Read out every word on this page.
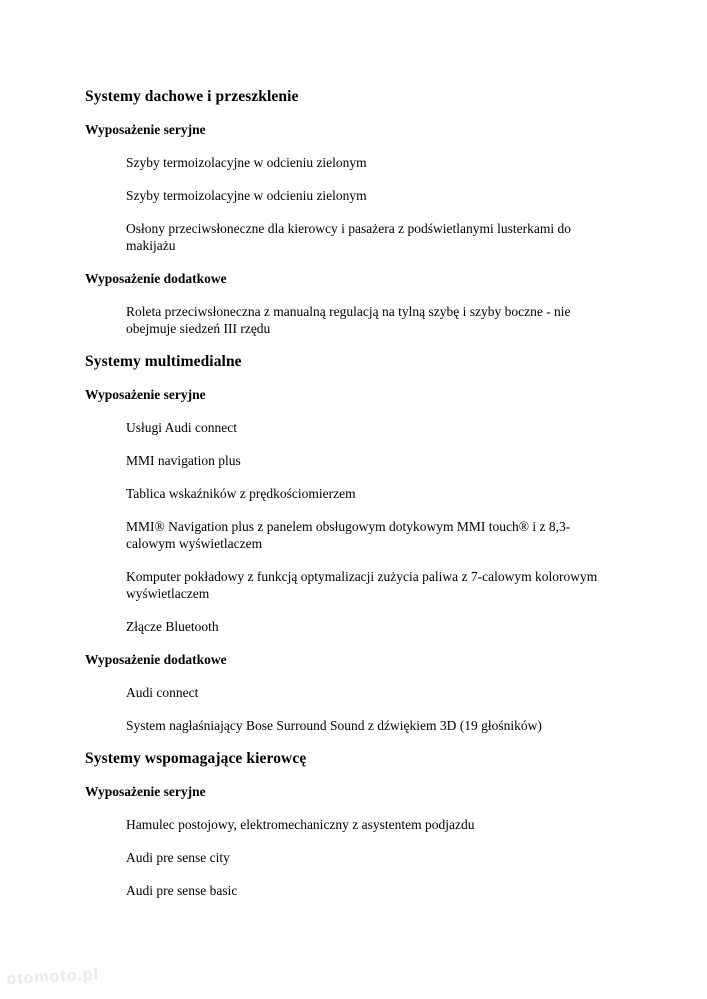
Systemy dachowe i przeszklenie
Wyposażenie seryjne

Szyby termoizolacyjne w odcieniu zielonym

Szyby termoizolacyjne w odcieniu zielonym

Osłony przeciwsłoneczne dla kierowcy i pasażera z podświetlanymi lusterkami do makijażu

Wyposażenie dodatkowe

Roleta przeciwsłoneczna z manualną regulacją na tylną szybę i szyby boczne - nie obejmuje siedzeń III rzędu

Systemy multimedialne
Wyposażenie seryjne

Usługi Audi connect

MMI navigation plus

Tablica wskaźników z prędkościomierzem

MMI® Navigation plus z panelem obsługowym dotykowym MMI touch® i z 8,3-calowym wyświetlaczem

Komputer pokładowy z funkcją optymalizacji zużycia paliwa z 7-calowym kolorowym wyświetlaczem

Złącze Bluetooth

Wyposażenie dodatkowe

Audi connect

System nagłaśniający Bose Surround Sound z dźwiękiem 3D (19 głośników)

Systemy wspomagające kierowcę
Wyposażenie seryjne

Hamulec postojowy, elektromechaniczny z asystentem podjazdu

Audi pre sense city

Audi pre sense basic

otomoto.pl
